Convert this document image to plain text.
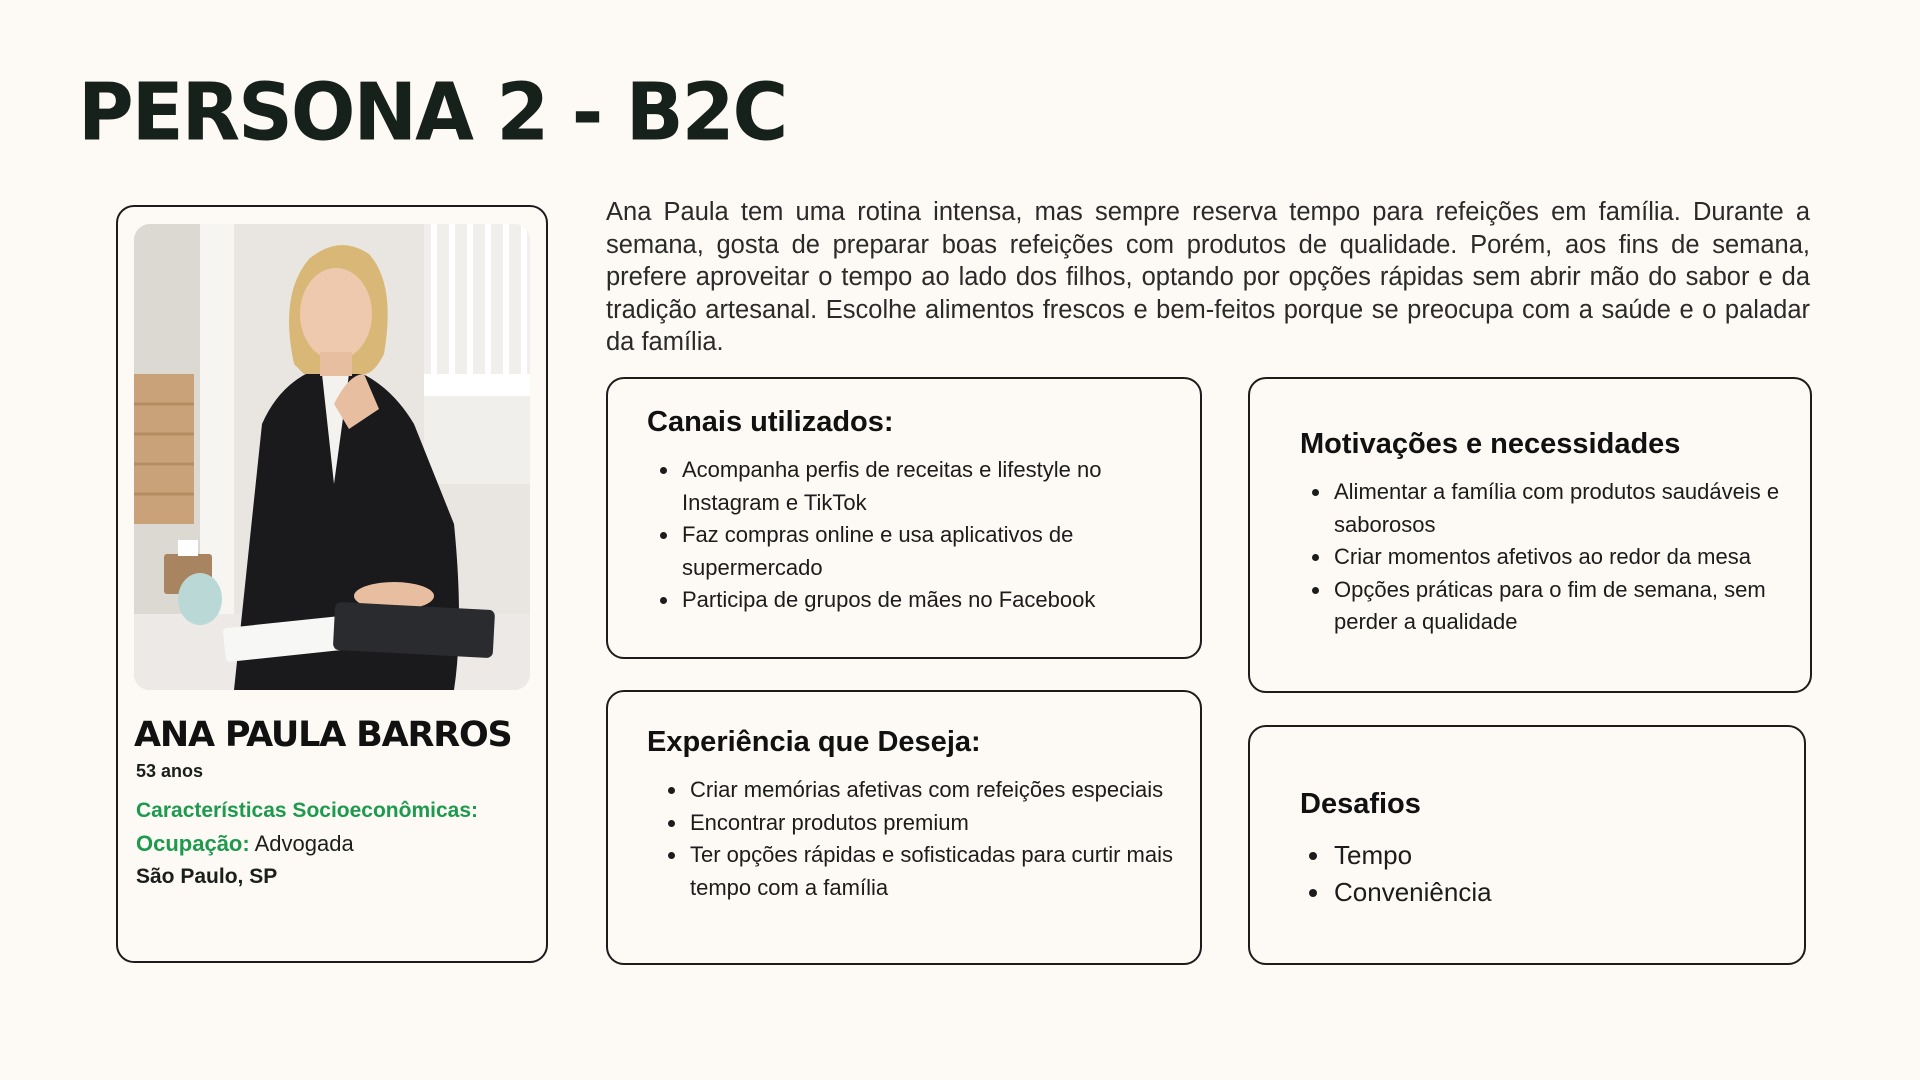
PERSONA 2 - B2C
ANA PAULA BARROS
53 anos
Características Socioeconômicas:
Ocupação: Advogada
São Paulo, SP

Ana Paula tem uma rotina intensa, mas sempre reserva tempo para refeições em família. Durante a semana, gosta de preparar boas refeições com produtos de qualidade. Porém, aos fins de semana, prefere aproveitar o tempo ao lado dos filhos, optando por opções rápidas sem abrir mão do sabor e da tradição artesanal. Escolhe alimentos frescos e bem-feitos porque se preocupa com a saúde e o paladar da família.

Canais utilizados:
• Acompanha perfis de receitas e lifestyle no Instagram e TikTok
• Faz compras online e usa aplicativos de supermercado
• Participa de grupos de mães no Facebook
Experiência que Deseja:
• Criar memórias afetivas com refeições especiais
• Encontrar produtos premium
• Ter opções rápidas e sofisticadas para curtir mais tempo com a família
Motivações e necessidades
• Alimentar a família com produtos saudáveis e saborosos
• Criar momentos afetivos ao redor da mesa
• Opções práticas para o fim de semana, sem perder a qualidade
Desafios
• Tempo
• Conveniência
